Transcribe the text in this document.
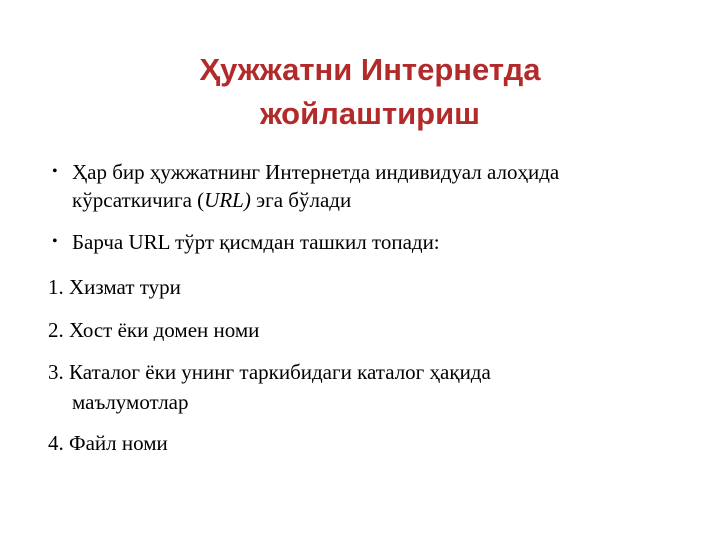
Ҳужжатни Интернетда
жойлаштириш
• Ҳар бир ҳужжатнинг Интернетда индивидуал алоҳида
кўрсаткичига (URL) эга бўлади
• Барча URL тўрт қисмдан ташкил топади:
1. Хизмат тури
2. Хост ёки домен номи
3. Каталог ёки унинг таркибидаги каталог ҳақида
маълумотлар
4. Файл номи
